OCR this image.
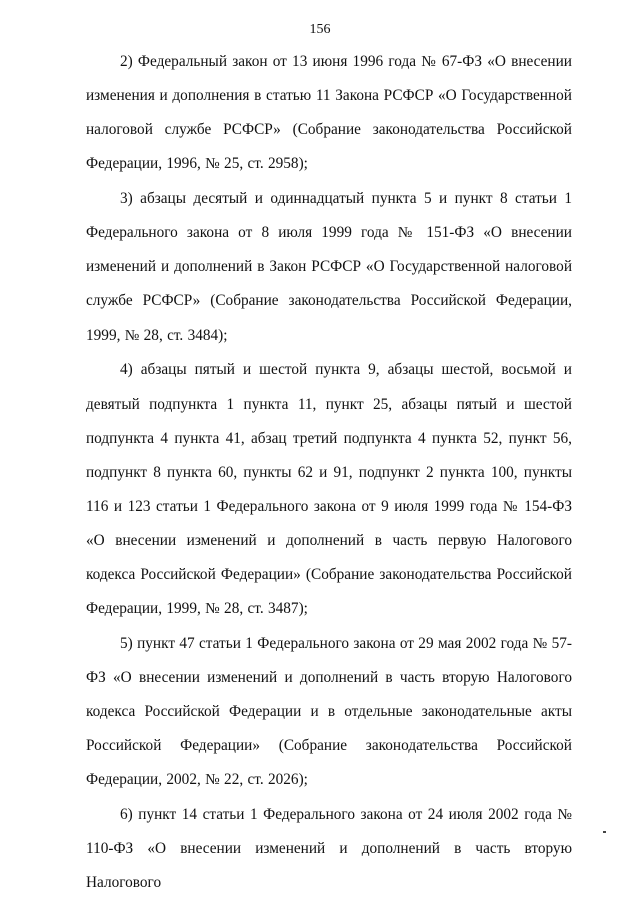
156

2) Федеральный закон от 13 июня 1996 года № 67-ФЗ «О внесении изменения и дополнения в статью 11 Закона РСФСР «О Государственной налоговой службе РСФСР» (Собрание законодательства Российской Федерации, 1996, № 25, ст. 2958);

3) абзацы десятый и одиннадцатый пункта 5 и пункт 8 статьи 1 Федерального закона от 8 июля 1999 года № 151-ФЗ «О внесении изменений и дополнений в Закон РСФСР «О Государственной налоговой службе РСФСР» (Собрание законодательства Российской Федерации, 1999, № 28, ст. 3484);

4) абзацы пятый и шестой пункта 9, абзацы шестой, восьмой и девятый подпункта 1 пункта 11, пункт 25, абзацы пятый и шестой подпункта 4 пункта 41, абзац третий подпункта 4 пункта 52, пункт 56, подпункт 8 пункта 60, пункты 62 и 91, подпункт 2 пункта 100, пункты 116 и 123 статьи 1 Федерального закона от 9 июля 1999 года № 154-ФЗ «О внесении изменений и дополнений в часть первую Налогового кодекса Российской Федерации» (Собрание законодательства Российской Федерации, 1999, № 28, ст. 3487);

5) пункт 47 статьи 1 Федерального закона от 29 мая 2002 года № 57-ФЗ «О внесении изменений и дополнений в часть вторую Налогового кодекса Российской Федерации и в отдельные законодательные акты Российской Федерации» (Собрание законодательства Российской Федерации, 2002, № 22, ст. 2026);

6) пункт 14 статьи 1 Федерального закона от 24 июля 2002 года № 110-ФЗ «О внесении изменений и дополнений в часть вторую Налогового
